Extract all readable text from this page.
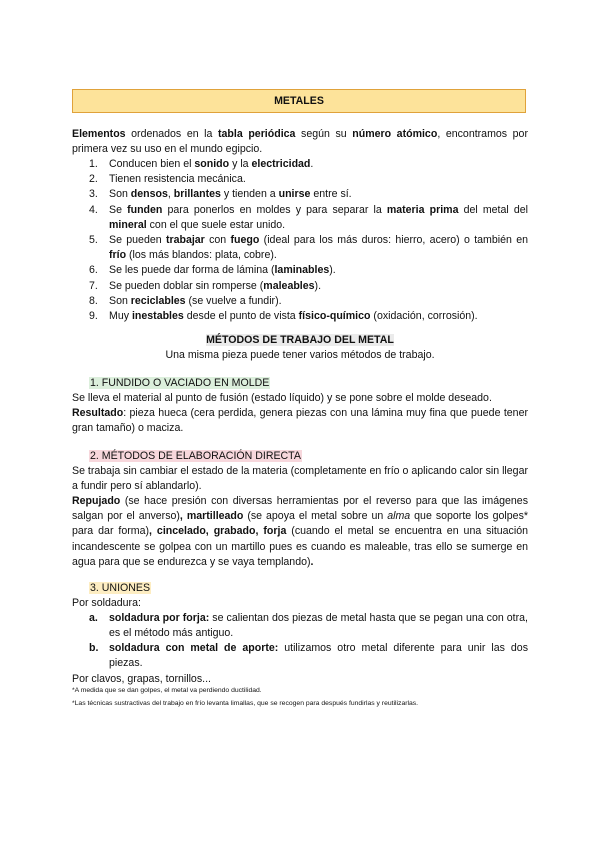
METALES
Elementos ordenados en la tabla periódica según su número atómico, encontramos por primera vez su uso en el mundo egipcio.
1. Conducen bien el sonido y la electricidad.
2. Tienen resistencia mecánica.
3. Son densos, brillantes y tienden a unirse entre sí.
4. Se funden para ponerlos en moldes y para separar la materia prima del metal del mineral con el que suele estar unido.
5. Se pueden trabajar con fuego (ideal para los más duros: hierro, acero) o también en frío (los más blandos: plata, cobre).
6. Se les puede dar forma de lámina (laminables).
7. Se pueden doblar sin romperse (maleables).
8. Son reciclables (se vuelve a fundir).
9. Muy inestables desde el punto de vista físico-químico (oxidación, corrosión).
MÉTODOS DE TRABAJO DEL METAL
Una misma pieza puede tener varios métodos de trabajo.
1. FUNDIDO O VACIADO EN MOLDE
Se lleva el material al punto de fusión (estado líquido) y se pone sobre el molde deseado.
Resultado: pieza hueca (cera perdida, genera piezas con una lámina muy fina que puede tener gran tamaño) o maciza.
2. MÉTODOS DE ELABORACIÓN DIRECTA
Se trabaja sin cambiar el estado de la materia (completamente en frío o aplicando calor sin llegar a fundir pero sí ablandarlo).
Repujado (se hace presión con diversas herramientas por el reverso para que las imágenes salgan por el anverso), martilleado (se apoya el metal sobre un alma que soporte los golpes* para dar forma), cincelado, grabado, forja (cuando el metal se encuentra en una situación incandescente se golpea con un martillo pues es cuando es maleable, tras ello se sumerge en agua para que se endurezca y se vaya templando).
3. UNIONES
Por soldadura:
a. soldadura por forja: se calientan dos piezas de metal hasta que se pegan una con otra, es el método más antiguo.
b. soldadura con metal de aporte: utilizamos otro metal diferente para unir las dos piezas.
Por clavos, grapas, tornillos...
*A medida que se dan golpes, el metal va perdiendo ductilidad.
*Las técnicas sustractivas del trabajo en frío levanta limallas, que se recogen para después fundirlas y reutilizarlas.
